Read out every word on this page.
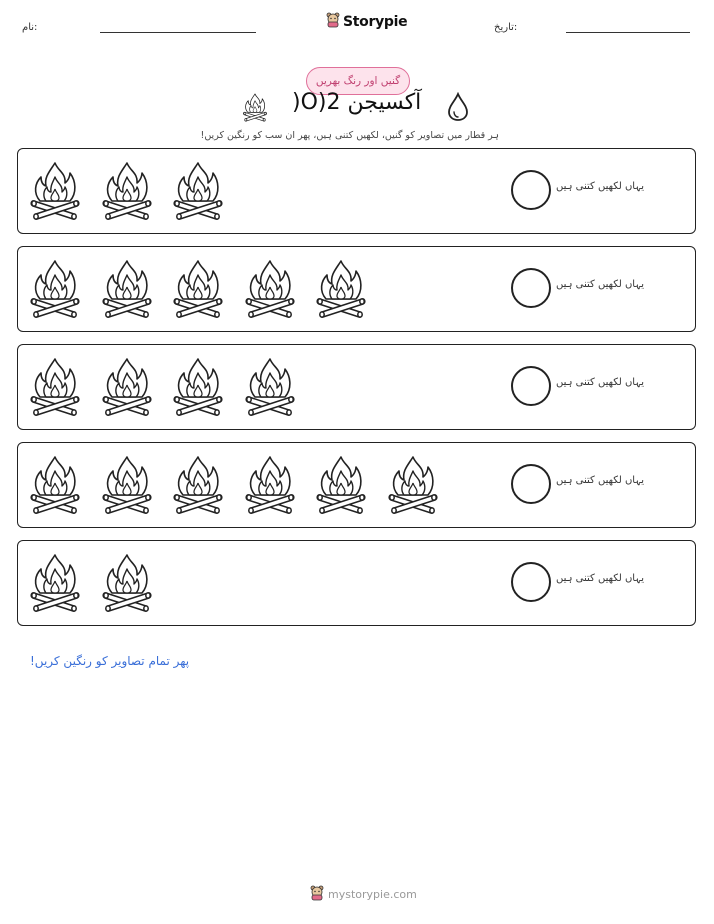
نام:	Storypie	تاریخ:
گنیں اور رنگ بھریں
آکسیجن O)2(
ہر قطار میں تصاویر کو گنیں، لکھیں کتنی ہیں، پھر ان سب کو رنگین کریں!
یہاں لکھیں کتنی ہیں
یہاں لکھیں کتنی ہیں
یہاں لکھیں کتنی ہیں
یہاں لکھیں کتنی ہیں
یہاں لکھیں کتنی ہیں
پھر تمام تصاویر کو رنگین کریں!
mystorypie.com
